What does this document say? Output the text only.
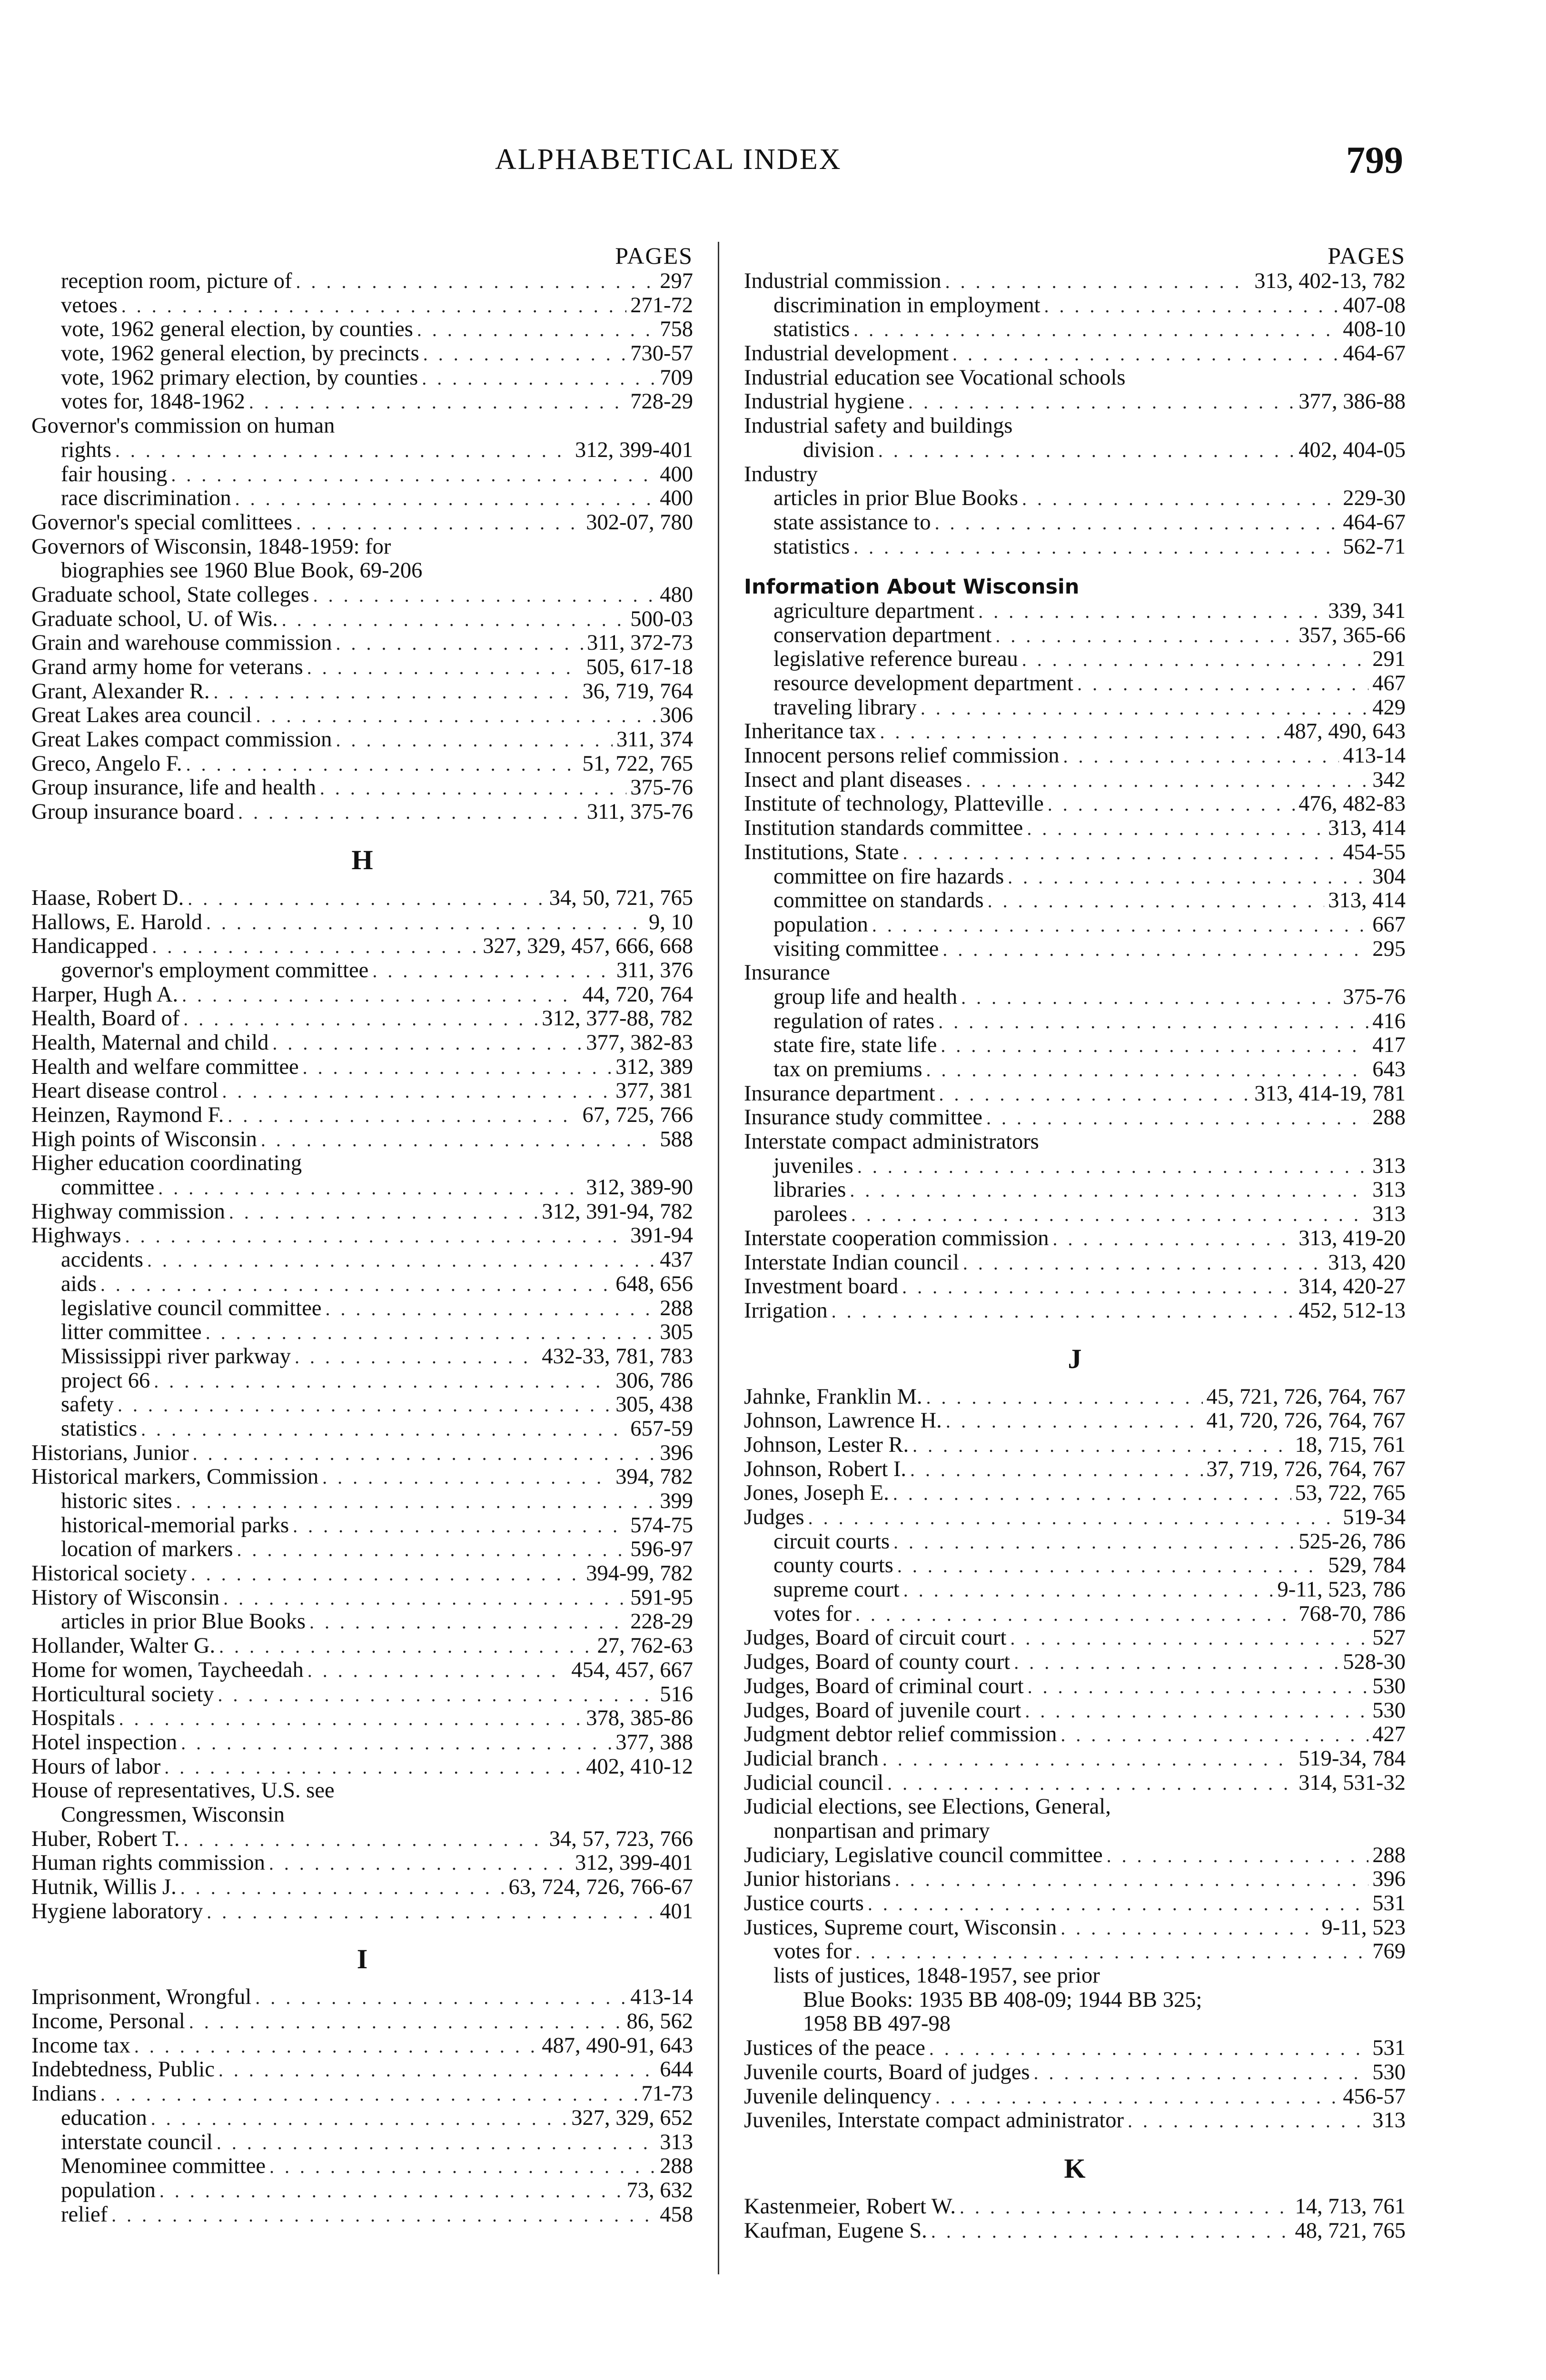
ALPHABETICAL INDEX	799
PAGES
reception room, picture of . . .	297
vetoes . . .	271-72
vote, 1962 general election, by counties . . .	758
vote, 1962 general election, by precincts . . .	730-57
vote, 1962 primary election, by counties . . .	709
votes for, 1848-1962 . . .	728-29
Governor's commission on human
rights . . .	312, 399-401
fair housing . . .	400
race discrimination . . .	400
Governor's special comlittees . . .	302-07, 780
Governors of Wisconsin, 1848-1959: for
biographies see 1960 Blue Book, 69-206
Graduate school, State colleges . . .	480
Graduate school, U. of Wis. . . .	500-03
Grain and warehouse commission . . .	311, 372-73
Grand army home for veterans . . .	505, 617-18
Grant, Alexander R. . . .	36, 719, 764
Great Lakes area council . . .	306
Great Lakes compact commission . . .	311, 374
Greco, Angelo F. . . .	51, 722, 765
Group insurance, life and health . . .	375-76
Group insurance board . . .	311, 375-76
H
Haase, Robert D. . . .	34, 50, 721, 765
Hallows, E. Harold . . .	9, 10
Handicapped . . .	327, 329, 457, 666, 668
governor's employment committee . . .	311, 376
Harper, Hugh A. . . .	44, 720, 764
Health, Board of . . .	312, 377-88, 782
Health, Maternal and child . . .	377, 382-83
Health and welfare committee . . .	312, 389
Heart disease control . . .	377, 381
Heinzen, Raymond F. . . .	67, 725, 766
High points of Wisconsin . . .	588
Higher education coordinating
committee . . .	312, 389-90
Highway commission . . .	312, 391-94, 782
Highways . . .	391-94
accidents . . .	437
aids . . .	648, 656
legislative council committee . . .	288
litter committee . . .	305
Mississippi river parkway . . .	432-33, 781, 783
project 66 . . .	306, 786
safety . . .	305, 438
statistics . . .	657-59
Historians, Junior . . .	396
Historical markers, Commission . . .	394, 782
historic sites . . .	399
historical-memorial parks . . .	574-75
location of markers . . .	596-97
Historical society . . .	394-99, 782
History of Wisconsin . . .	591-95
articles in prior Blue Books . . .	228-29
Hollander, Walter G. . . .	27, 762-63
Home for women, Taycheedah . . .	454, 457, 667
Horticultural society . . .	516
Hospitals . . .	378, 385-86
Hotel inspection . . .	377, 388
Hours of labor . . .	402, 410-12
House of representatives, U.S. see
Congressmen, Wisconsin
Huber, Robert T. . . .	34, 57, 723, 766
Human rights commission . . .	312, 399-401
Hutnik, Willis J. . . .	63, 724, 726, 766-67
Hygiene laboratory . . .	401
I
Imprisonment, Wrongful . . .	413-14
Income, Personal . . .	86, 562
Income tax . . .	487, 490-91, 643
Indebtedness, Public . . .	644
Indians . . .	71-73
education . . .	327, 329, 652
interstate council . . .	313
Menominee committee . . .	288
population . . .	73, 632
relief . . .	458
PAGES
Industrial commission . . .	313, 402-13, 782
discrimination in employment . . .	407-08
statistics . . .	408-10
Industrial development . . .	464-67
Industrial education see Vocational schools
Industrial hygiene . . .	377, 386-88
Industrial safety and buildings
division . . .	402, 404-05
Industry
articles in prior Blue Books . . .	229-30
state assistance to . . .	464-67
statistics . . .	562-71
Information About Wisconsin
agriculture department . . .	339, 341
conservation department . . .	357, 365-66
legislative reference bureau . . .	291
resource development department . . .	467
traveling library . . .	429
Inheritance tax . . .	487, 490, 643
Innocent persons relief commission . . .	413-14
Insect and plant diseases . . .	342
Institute of technology, Platteville . . .	476, 482-83
Institution standards committee . . .	313, 414
Institutions, State . . .	454-55
committee on fire hazards . . .	304
committee on standards . . .	313, 414
population . . .	667
visiting committee . . .	295
Insurance
group life and health . . .	375-76
regulation of rates . . .	416
state fire, state life . . .	417
tax on premiums . . .	643
Insurance department . . .	313, 414-19, 781
Insurance study committee . . .	288
Interstate compact administrators
juveniles . . .	313
libraries . . .	313
parolees . . .	313
Interstate cooperation commission . . .	313, 419-20
Interstate Indian council . . .	313, 420
Investment board . . .	314, 420-27
Irrigation . . .	452, 512-13
J
Jahnke, Franklin M. . . .	45, 721, 726, 764, 767
Johnson, Lawrence H. . . .	41, 720, 726, 764, 767
Johnson, Lester R. . . .	18, 715, 761
Johnson, Robert I. . . .	37, 719, 726, 764, 767
Jones, Joseph E. . . .	53, 722, 765
Judges . . .	519-34
circuit courts . . .	525-26, 786
county courts . . .	529, 784
supreme court . . .	9-11, 523, 786
votes for . . .	768-70, 786
Judges, Board of circuit court . . .	527
Judges, Board of county court . . .	528-30
Judges, Board of criminal court . . .	530
Judges, Board of juvenile court . . .	530
Judgment debtor relief commission . . .	427
Judicial branch . . .	519-34, 784
Judicial council . . .	314, 531-32
Judicial elections, see Elections, General,
nonpartisan and primary
Judiciary, Legislative council committee . . .	288
Junior historians . . .	396
Justice courts . . .	531
Justices, Supreme court, Wisconsin . . .	9-11, 523
votes for . . .	769
lists of justices, 1848-1957, see prior
Blue Books: 1935 BB 408-09; 1944 BB 325;
1958 BB 497-98
Justices of the peace . . .	531
Juvenile courts, Board of judges . . .	530
Juvenile delinquency . . .	456-57
Juveniles, Interstate compact administrator . . .	313
K
Kastenmeier, Robert W. . . .	14, 713, 761
Kaufman, Eugene S. . . .	48, 721, 765
